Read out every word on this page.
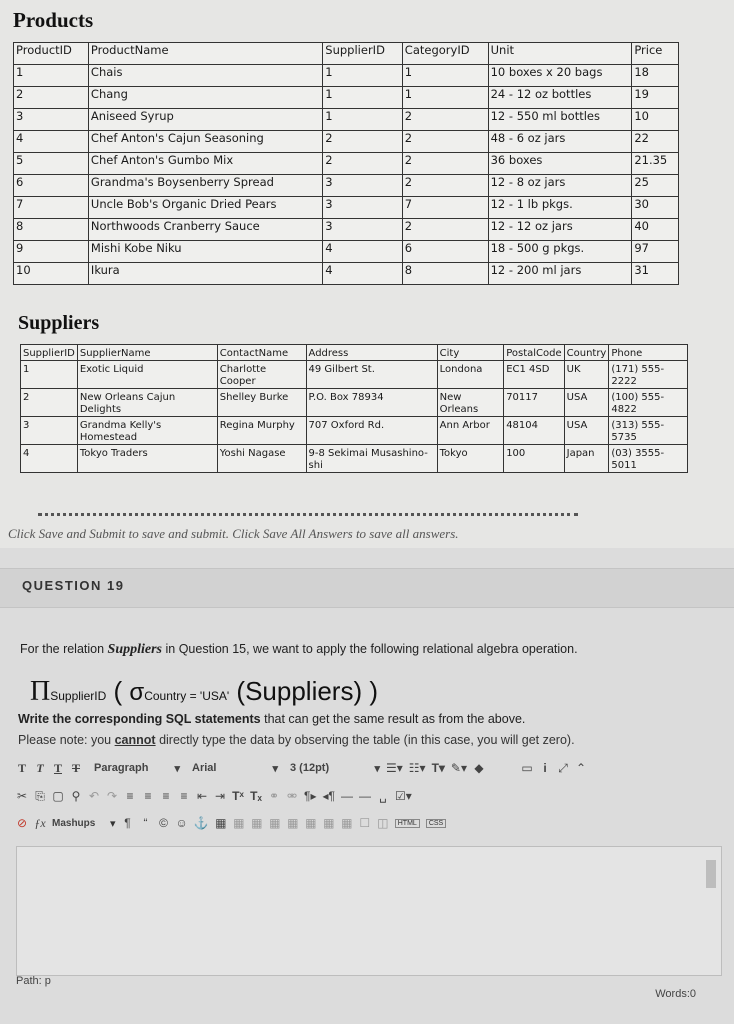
Products
ProductID	ProductName	SupplierID	CategoryID	Unit	Price
1	Chais	1	1	10 boxes x 20 bags	18
2	Chang	1	1	24 - 12 oz bottles	19
3	Aniseed Syrup	1	2	12 - 550 ml bottles	10
4	Chef Anton's Cajun Seasoning	2	2	48 - 6 oz jars	22
5	Chef Anton's Gumbo Mix	2	2	36 boxes	21.35
6	Grandma's Boysenberry Spread	3	2	12 - 8 oz jars	25
7	Uncle Bob's Organic Dried Pears	3	7	12 - 1 lb pkgs.	30
8	Northwoods Cranberry Sauce	3	2	12 - 12 oz jars	40
9	Mishi Kobe Niku	4	6	18 - 500 g pkgs.	97
10	Ikura	4	8	12 - 200 ml jars	31
Suppliers
SupplierID	SupplierName	ContactName	Address	City	PostalCode	Country	Phone
1	Exotic Liquid	Charlotte Cooper	49 Gilbert St.	Londona	EC1 4SD	UK	(171) 555-2222
2	New Orleans Cajun Delights	Shelley Burke	P.O. Box 78934	New Orleans	70117	USA	(100) 555-4822
3	Grandma Kelly's Homestead	Regina Murphy	707 Oxford Rd.	Ann Arbor	48104	USA	(313) 555-5735
4	Tokyo Traders	Yoshi Nagase	9-8 Sekimai Musashino-shi	Tokyo	100	Japan	(03) 3555-5011
Click Save and Submit to save and submit. Click Save All Answers to save all answers.
QUESTION 19
For the relation Suppliers in Question 15, we want to apply the following relational algebra operation.
ΠSupplierID ( σCountry = 'USA' (Suppliers) )
Write the corresponding SQL statements that can get the same result as from the above.
Please note: you cannot directly type the data by observing the table (in this case, you will get zero).
T T T T Paragraph ▾ Arial	▾ 3 (12pt)	▾ ☰▾ ☷▾ T▾ ✎▾ ◆	▭ i ⤢ ⌃
✂ ⎘ ▢ ⚲ ↶ ↷ ≡ ≡ ≡ ≡ ⇤ ⇥ Tˣ Tₓ ⚭ ⚮ ¶▸ ◂¶ — — ␣ ☑▾
⊘ ƒx Mashups ▾ ¶	“ © ☺ ⚓ ▦ ▦ ▦ ▦ ▦ ▦ ▦ ▦ ☐ ◫	HTML	CSS
Path: p
Words:0
